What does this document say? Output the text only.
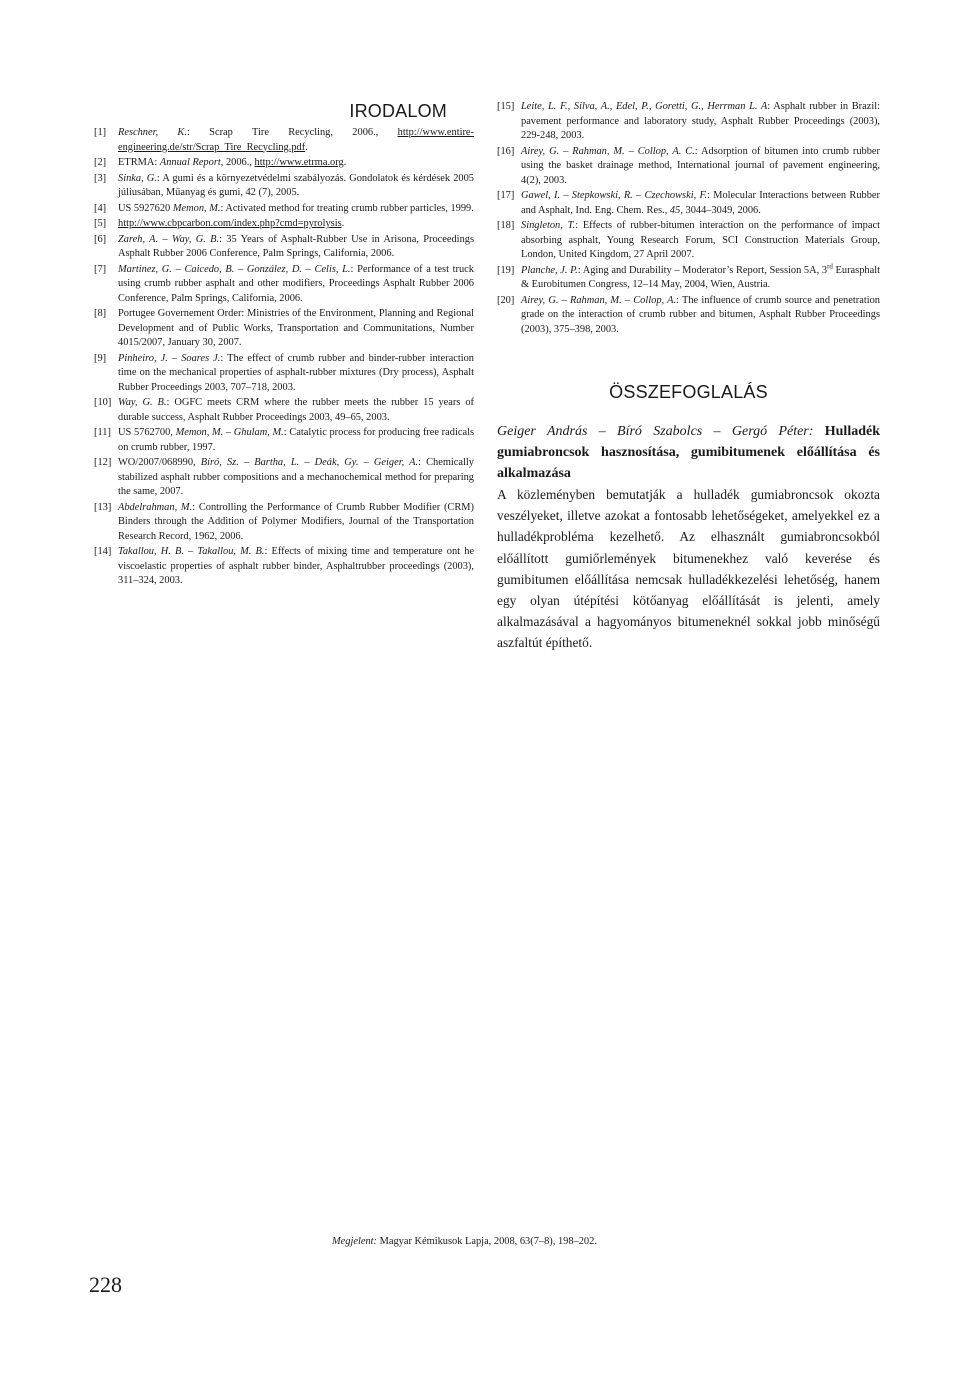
IRODALOM
[1]	Reschner, K.: Scrap Tire Recycling, 2006., http://www.entire-engineering.de/str/Scrap_Tire_Recycling.pdf.
[2]	ETRMA: Annual Report, 2006., http://www.etrma.org.
[3]	Sinka, G.: A gumi és a környezetvédelmi szabályozás. Gondolatok és kérdések 2005 júliusában, Műanyag és gumi, 42 (7), 2005.
[4]	US 5927620 Memon, M.: Activated method for treating crumb rubber particles, 1999.
[5]	http://www.cbpcarbon.com/index.php?cmd=pyrolysis.
[6]	Zareh, A. – Way, G. B.: 35 Years of Asphalt-Rubber Use in Arisona, Proceedings Asphalt Rubber 2006 Conference, Palm Springs, California, 2006.
[7]	Martinez, G. – Caicedo, B. – González, D. – Celis, L.: Performance of a test truck using crumb rubber asphalt and other modifiers, Proceedings Asphalt Rubber 2006 Conference, Palm Springs, California, 2006.
[8]	Portugee Governement Order: Ministries of the Environment, Planning and Regional Development and of Public Works, Transportation and Communitations, Number 4015/2007, January 30, 2007.
[9]	Pinheiro, J. – Soares J.: The effect of crumb rubber and binder-rubber interaction time on the mechanical properties of asphalt-rubber mixtures (Dry process), Asphalt Rubber Proceedings 2003, 707–718, 2003.
[10] Way, G. B.: OGFC meets CRM where the rubber meets the rubber 15 years of durable success, Asphalt Rubber Proceedings 2003, 49–65, 2003.
[11] US 5762700, Memon, M. – Ghulam, M.: Catalytic process for producing free radicals on crumb rubber, 1997.
[12] WO/2007/068990, Bíró, Sz. – Bartha, L. – Deák, Gy. – Geiger, A.: Chemically stabilized asphalt rubber compositions and a mechanochemical method for preparing the same, 2007.
[13] Abdelrahman, M.: Controlling the Performance of Crumb Rubber Modifier (CRM) Binders through the Addition of Polymer Modifiers, Journal of the Transportation Research Record, 1962, 2006.
[14] Takallou, H. B. – Takallou, M. B.: Effects of mixing time and temperature ont he viscoelastic properties of asphalt rubber binder, Asphaltrubber proceedings (2003), 311–324, 2003.
[15] Leite, L. F., Silva, A., Edel, P., Goretti, G., Herrman L. A: Asphalt rubber in Brazil: pavement performance and laboratory study, Asphalt Rubber Proceedings (2003), 229-248, 2003.
[16] Airey, G. – Rahman, M. – Collop, A. C.: Adsorption of bitumen into crumb rubber using the basket drainage method, International journal of pavement engineering, 4(2), 2003.
[17] Gawel, I. – Stepkowski, R. – Czechowski, F.: Molecular Interactions between Rubber and Asphalt, Ind. Eng. Chem. Res., 45, 3044–3049, 2006.
[18] Singleton, T.: Effects of rubber-bitumen interaction on the performance of impact absorbing asphalt, Young Research Forum, SCI Construction Materials Group, London, United Kingdom, 27 April 2007.
[19] Planche, J. P.: Aging and Durability – Moderator’s Report, Session 5A, 3rd Eurasphalt & Eurobitumen Congress, 12–14 May, 2004, Wien, Austria.
[20] Airey, G. – Rahman, M. – Collop, A.: The influence of crumb source and penetration grade on the interaction of crumb rubber and bitumen, Asphalt Rubber Proceedings (2003), 375–398, 2003.
ÖSSZEFOGLALÁS

Geiger András – Bíró Szabolcs – Gergó Péter: Hulladék gumiabroncsok hasznosítása, gumibitumenek előállítása és alkalmazása

A közleményben bemutatják a hulladék gumiabroncsok okozta veszélyeket, illetve azokat a fontosabb lehetőségeket, amelyekkel ez a hulladékprobléma kezelhető. Az elhasznált gumiabroncsokból előállított gumiőrlemények bitumenekhez való keverése és gumibitumen előállítása nemcsak hulladékkezelési lehetőség, hanem egy olyan útépítési kötőanyag előállítását is jelenti, amely alkalmazásával a hagyományos bitumeneknél sokkal jobb minőségű aszfaltút építhető.

Megjelent: Magyar Kémikusok Lapja, 2008, 63(7–8), 198–202.
228
